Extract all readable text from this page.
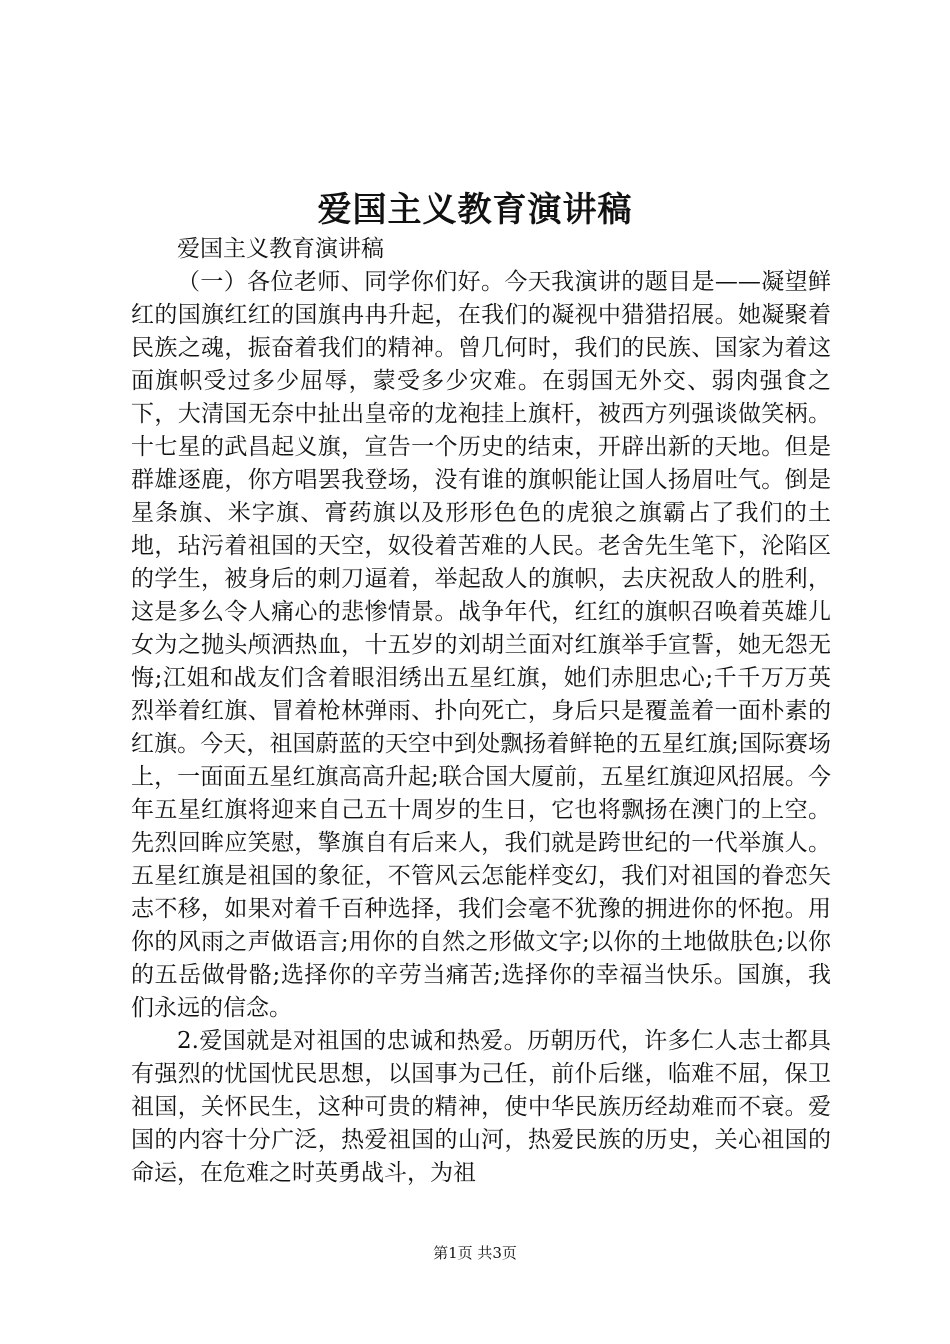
爱国主义教育演讲稿

爱国主义教育演讲稿

（一）各位老师、同学你们好。今天我演讲的题目是——凝望鲜红的国旗红红的国旗冉冉升起，在我们的凝视中猎猎招展。她凝聚着民族之魂，振奋着我们的精神。曾几何时，我们的民族、国家为着这面旗帜受过多少屈辱，蒙受多少灾难。在弱国无外交、弱肉强食之下，大清国无奈中扯出皇帝的龙袍挂上旗杆，被西方列强谈做笑柄。十七星的武昌起义旗，宣告一个历史的结束，开辟出新的天地。但是群雄逐鹿，你方唱罢我登场，没有谁的旗帜能让国人扬眉吐气。倒是星条旗、米字旗、膏药旗以及形形色色的虎狼之旗霸占了我们的土地，玷污着祖国的天空，奴役着苦难的人民。老舍先生笔下，沦陷区的学生，被身后的刺刀逼着，举起敌人的旗帜，去庆祝敌人的胜利，这是多么令人痛心的悲惨情景。战争年代，红红的旗帜召唤着英雄儿女为之抛头颅洒热血，十五岁的刘胡兰面对红旗举手宣誓，她无怨无悔;江姐和战友们含着眼泪绣出五星红旗，她们赤胆忠心;千千万万英烈举着红旗、冒着枪林弹雨、扑向死亡，身后只是覆盖着一面朴素的红旗。今天，祖国蔚蓝的天空中到处飘扬着鲜艳的五星红旗;国际赛场上，一面面五星红旗高高升起;联合国大厦前，五星红旗迎风招展。今年五星红旗将迎来自己五十周岁的生日，它也将飘扬在澳门的上空。先烈回眸应笑慰，擎旗自有后来人，我们就是跨世纪的一代举旗人。五星红旗是祖国的象征，不管风云怎能样变幻，我们对祖国的眷恋矢志不移，如果对着千百种选择，我们会毫不犹豫的拥进你的怀抱。用你的风雨之声做语言;用你的自然之形做文字;以你的土地做肤色;以你的五岳做骨骼;选择你的辛劳当痛苦;选择你的幸福当快乐。国旗，我们永远的信念。

2.爱国就是对祖国的忠诚和热爱。历朝历代，许多仁人志士都具有强烈的忧国忧民思想，以国事为己任，前仆后继，临难不屈，保卫祖国，关怀民生，这种可贵的精神，使中华民族历经劫难而不衰。爱国的内容十分广泛，热爱祖国的山河，热爱民族的历史，关心祖国的命运，在危难之时英勇战斗，为祖

第1页 共3页
